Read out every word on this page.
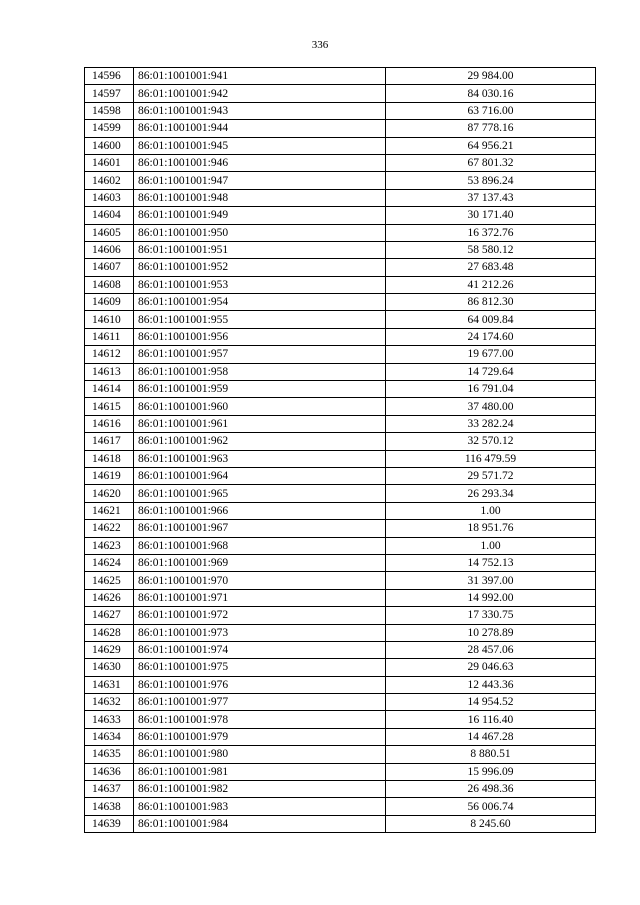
336
14596	86:01:1001001:941	29 984.00
14597	86:01:1001001:942	84 030.16
14598	86:01:1001001:943	63 716.00
14599	86:01:1001001:944	87 778.16
14600	86:01:1001001:945	64 956.21
14601	86:01:1001001:946	67 801.32
14602	86:01:1001001:947	53 896.24
14603	86:01:1001001:948	37 137.43
14604	86:01:1001001:949	30 171.40
14605	86:01:1001001:950	16 372.76
14606	86:01:1001001:951	58 580.12
14607	86:01:1001001:952	27 683.48
14608	86:01:1001001:953	41 212.26
14609	86:01:1001001:954	86 812.30
14610	86:01:1001001:955	64 009.84
14611	86:01:1001001:956	24 174.60
14612	86:01:1001001:957	19 677.00
14613	86:01:1001001:958	14 729.64
14614	86:01:1001001:959	16 791.04
14615	86:01:1001001:960	37 480.00
14616	86:01:1001001:961	33 282.24
14617	86:01:1001001:962	32 570.12
14618	86:01:1001001:963	116 479.59
14619	86:01:1001001:964	29 571.72
14620	86:01:1001001:965	26 293.34
14621	86:01:1001001:966	1.00
14622	86:01:1001001:967	18 951.76
14623	86:01:1001001:968	1.00
14624	86:01:1001001:969	14 752.13
14625	86:01:1001001:970	31 397.00
14626	86:01:1001001:971	14 992.00
14627	86:01:1001001:972	17 330.75
14628	86:01:1001001:973	10 278.89
14629	86:01:1001001:974	28 457.06
14630	86:01:1001001:975	29 046.63
14631	86:01:1001001:976	12 443.36
14632	86:01:1001001:977	14 954.52
14633	86:01:1001001:978	16 116.40
14634	86:01:1001001:979	14 467.28
14635	86:01:1001001:980	8 880.51
14636	86:01:1001001:981	15 996.09
14637	86:01:1001001:982	26 498.36
14638	86:01:1001001:983	56 006.74
14639	86:01:1001001:984	8 245.60
